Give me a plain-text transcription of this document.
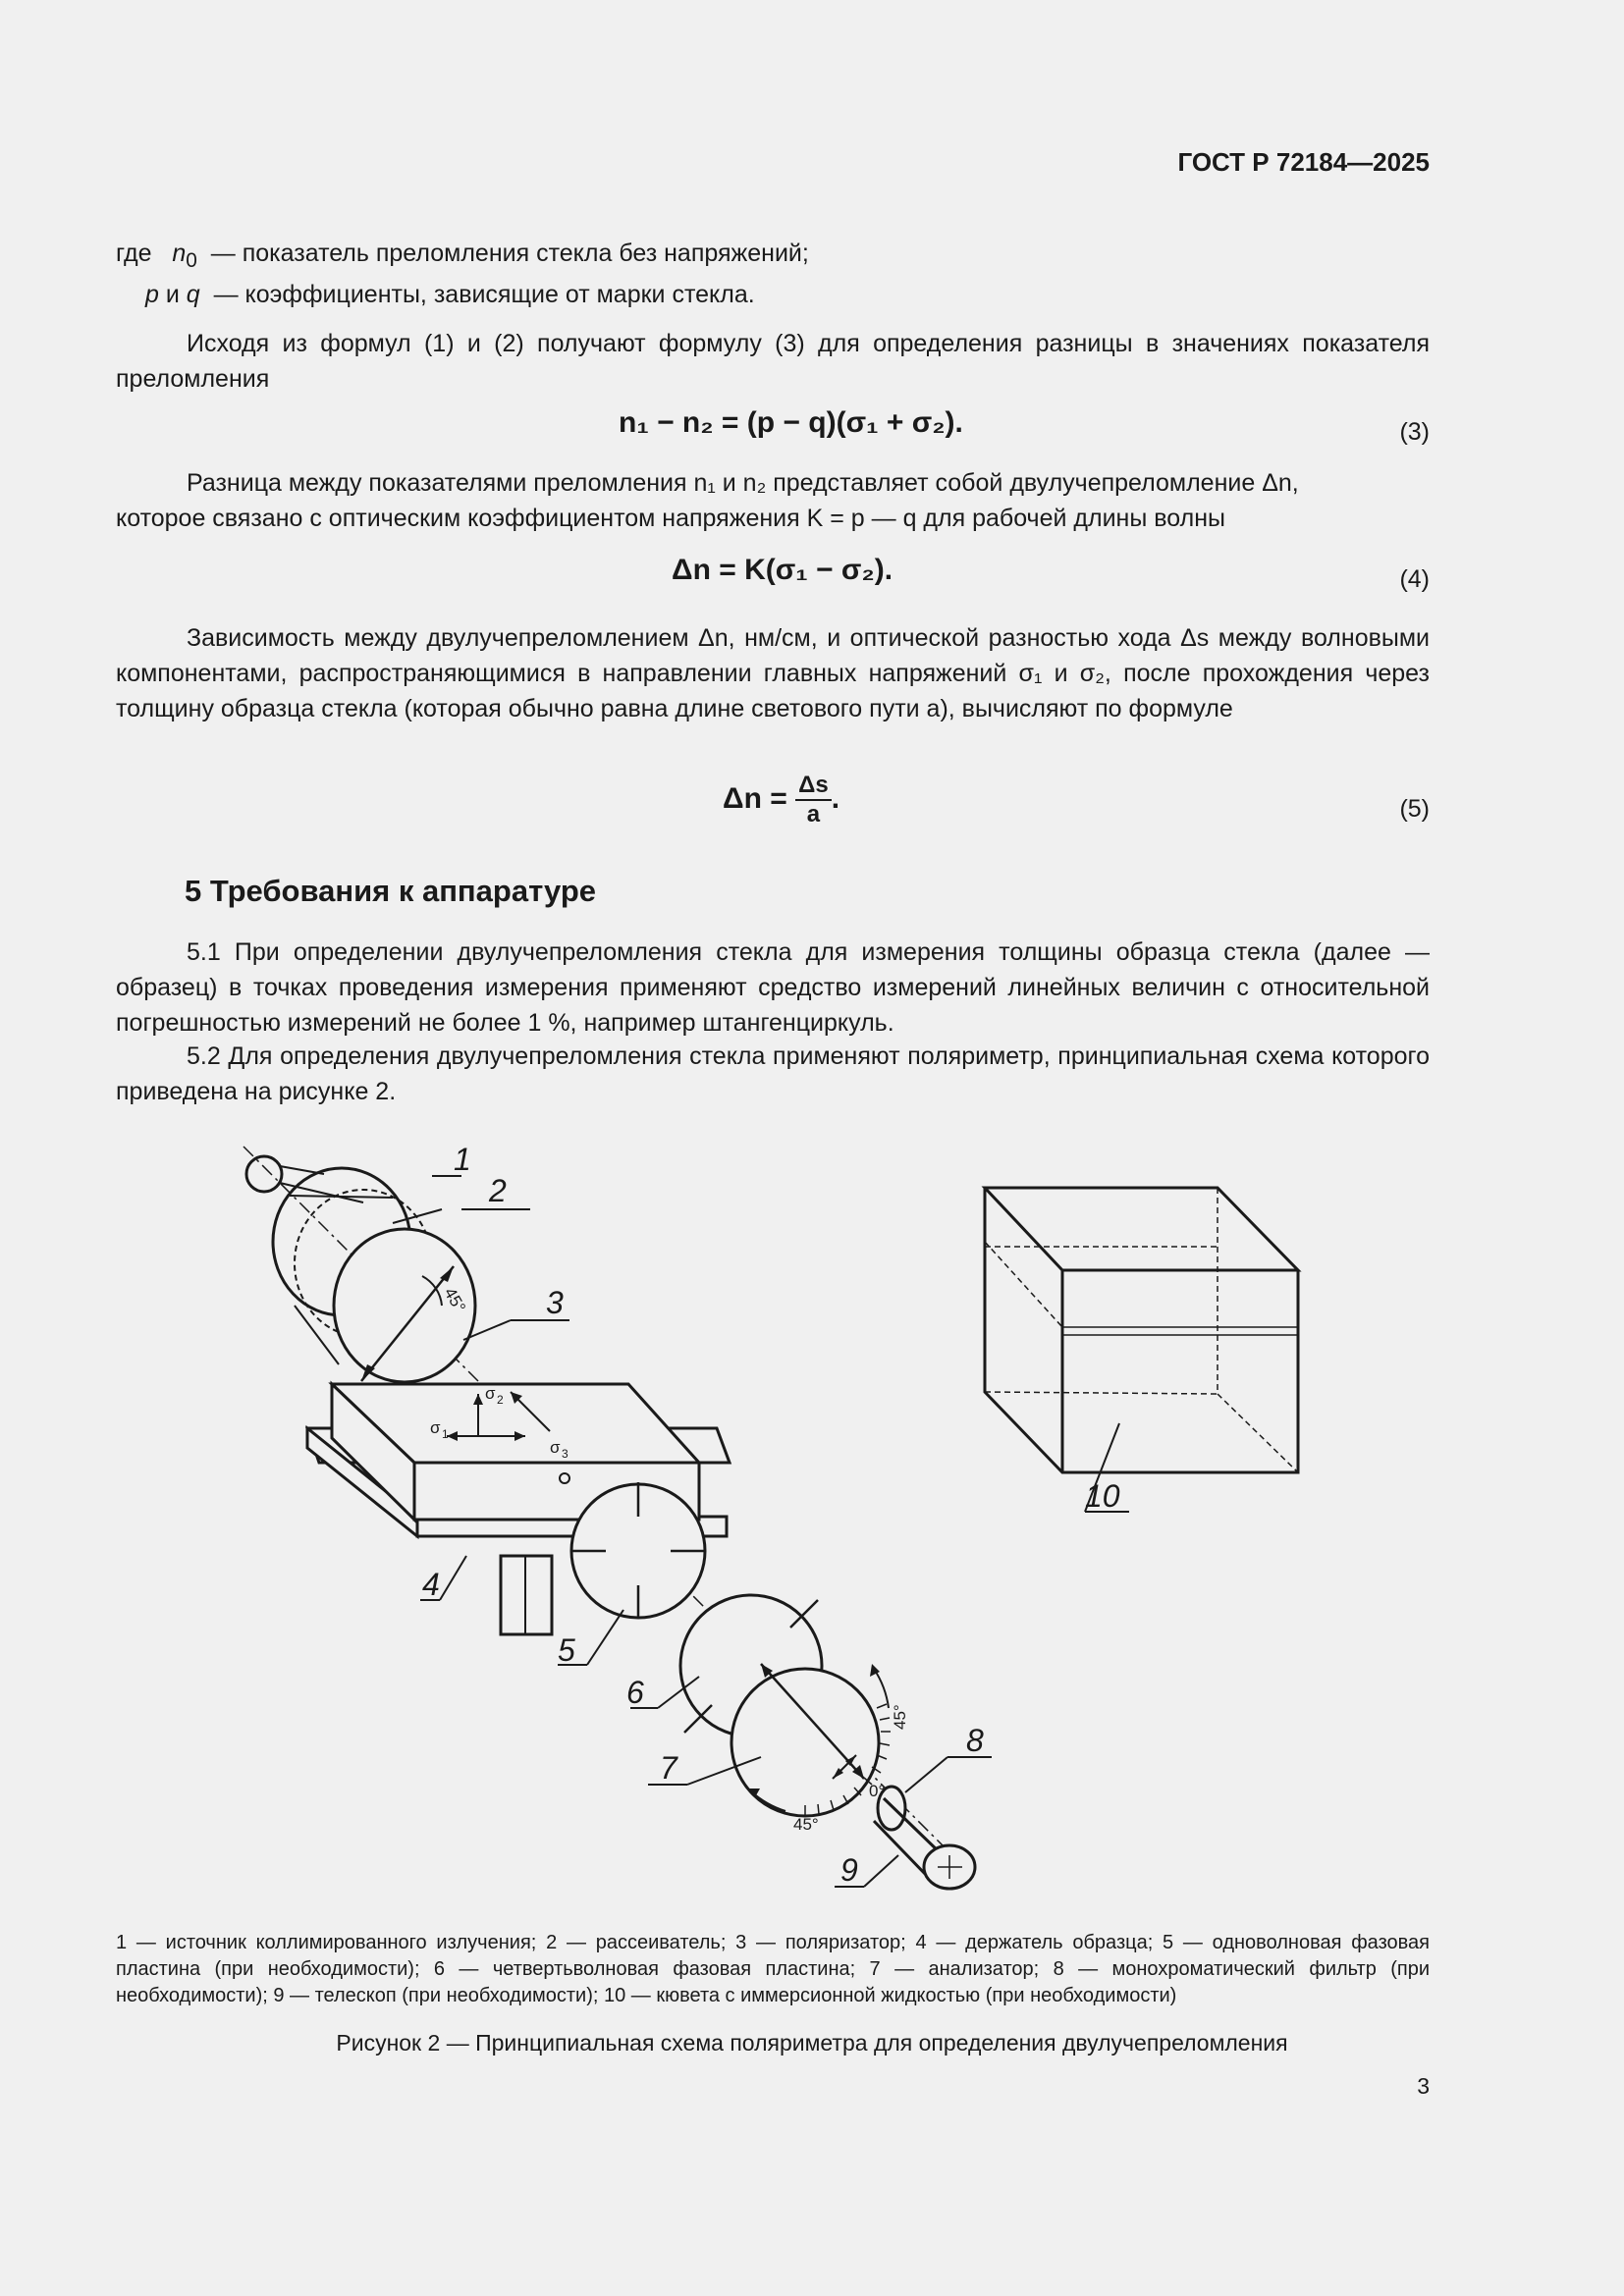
ГОСТ Р 72184—2025
где $n_0$ — показатель преломления стекла без напряжений;
p и q — коэффициенты, зависящие от марки стекла.
Исходя из формул (1) и (2) получают формулу (3) для определения разницы в значениях показателя преломления
n₁ − n₂ = (p − q)(σ₁ + σ₂).	(3)
Разница между показателями преломления n₁ и n₂ представляет собой двулучепреломление Δn,
которое связано с оптическим коэффициентом напряжения K = p — q для рабочей длины волны
Δn = K(σ₁ − σ₂).	(4)
Зависимость между двулучепреломлением Δn, нм/см, и оптической разностью хода Δs между волновыми компонентами, распространяющимися в направлении главных напряжений σ₁ и σ₂, после прохождения через толщину образца стекла (которая обычно равна длине светового пути a), вычисляют по формуле
$\Delta n = \frac{\Delta s}{a}$ .	(5)
5 Требования к аппаратуре
5.1 При определении двулучепреломления стекла для измерения толщины образца стекла (далее — образец) в точках проведения измерения применяют средство измерений линейных величин с относительной погрешностью измерений не более 1 %, например штангенциркуль.
5.2 Для определения двулучепреломления стекла применяют поляриметр, принципиальная схема которого приведена на рисунке 2.
1
2
3
4
5
6
7
8
9
10
45°
45°
45°
0°
σ 1
σ 2
σ 3
1 — источник коллимированного излучения; 2 — рассеиватель; 3 — поляризатор; 4 — держатель образца; 5 — одноволновая фазовая пластина (при необходимости); 6 — четвертьволновая фазовая пластина; 7 — анализатор; 8 — монохроматический фильтр (при необходимости); 9 — телескоп (при необходимости); 10 — кювета с иммерсионной жидкостью (при необходимости)
Рисунок 2 — Принципиальная схема поляриметра для определения двулучепреломления
3
